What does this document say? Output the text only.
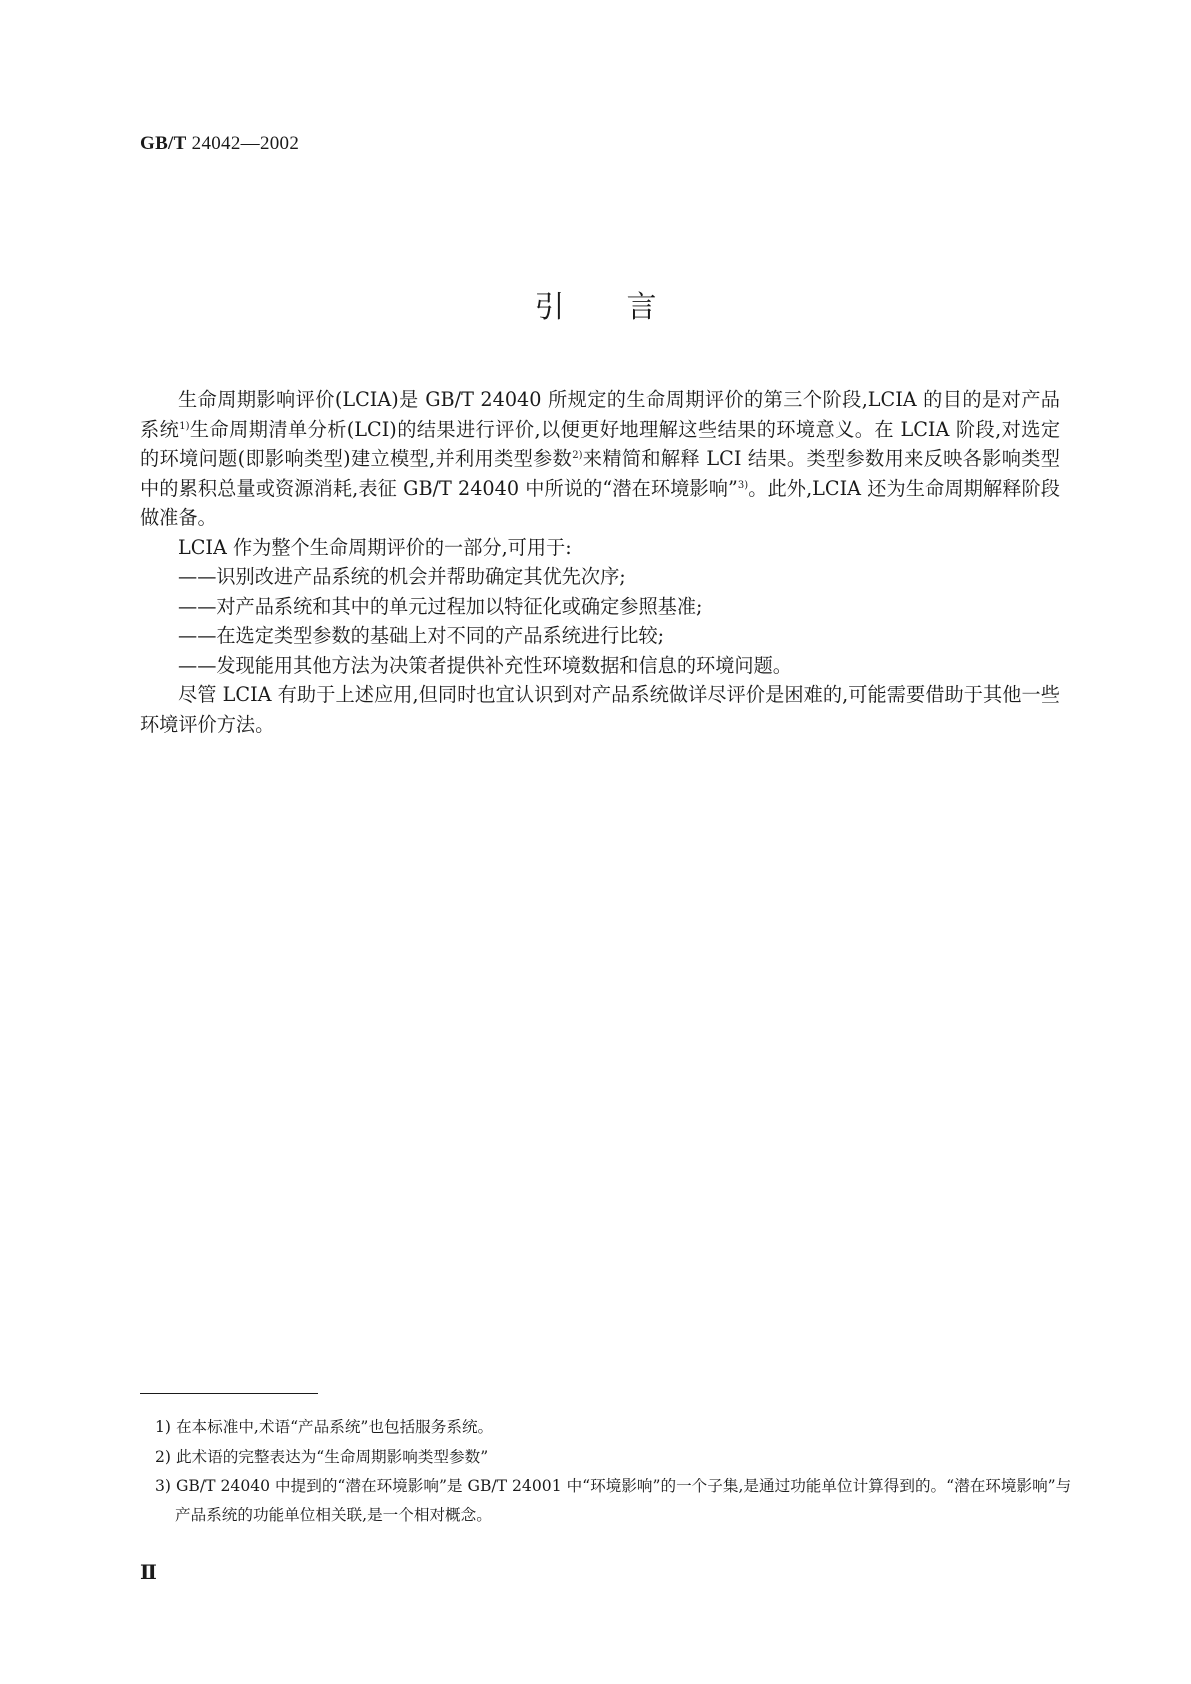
GB/T 24042—2002
引言

生命周期影响评价(LCIA)是 GB/T 24040 所规定的生命周期评价的第三个阶段,LCIA 的目的是对产品系统$^{1)}$生命周期清单分析(LCI)的结果进行评价,以便更好地理解这些结果的环境意义。在 LCIA 阶段,对选定的环境问题(即影响类型)建立模型,并利用类型参数$^{2)}$来精简和解释 LCI 结果。类型参数用来反映各影响类型中的累积总量或资源消耗,表征 GB/T 24040 中所说的“潜在环境影响”$^{3)}$。此外,LCIA 还为生命周期解释阶段做准备。

LCIA 作为整个生命周期评价的一部分,可用于:

——识别改进产品系统的机会并帮助确定其优先次序;

——对产品系统和其中的单元过程加以特征化或确定参照基准;

——在选定类型参数的基础上对不同的产品系统进行比较;

——发现能用其他方法为决策者提供补充性环境数据和信息的环境问题。

尽管 LCIA 有助于上述应用,但同时也宜认识到对产品系统做详尽评价是困难的,可能需要借助于其他一些环境评价方法。

1) 在本标准中,术语“产品系统”也包括服务系统。
2) 此术语的完整表达为“生命周期影响类型参数”
3) GB/T 24040 中提到的“潜在环境影响”是 GB/T 24001 中“环境影响”的一个子集,是通过功能单位计算得到的。“潜在环境影响”与产品系统的功能单位相关联,是一个相对概念。
Ⅱ
